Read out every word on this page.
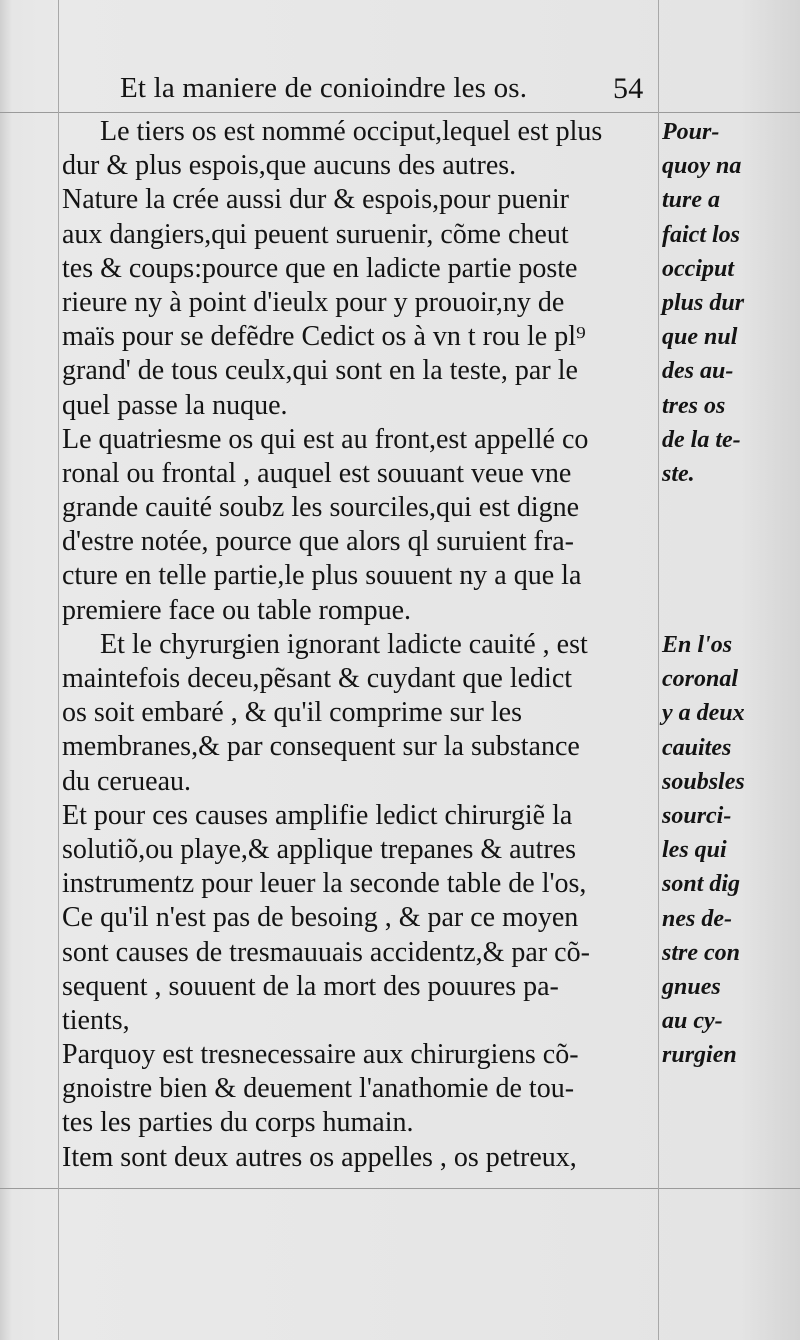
Et la maniere de conioindre les os.	54
Le tiers os est nommé occiput,lequel est plus
dur & plus espois,que aucuns des autres.
Nature la crée aussi dur & espois,pour puenir
aux dangiers,qui peuent suruenir, cõme cheut
tes & coups:pource que en ladicte partie poste
rieure ny à point d'ieulx pour y prouoir,ny de
maïs pour se defẽdre Cedict os à vn t rou le pl⁹
grand' de tous ceulx,qui sont en la teste, par le
quel passe la nuque.
Le quatriesme os qui est au front,est appellé co
ronal ou frontal , auquel est souuant veue vne
grande cauité soubz les sourciles,qui est digne
d'estre notée, pource que alors ql suruient fra-
cture en telle partie,le plus souuent ny a que la
premiere face ou table rompue.
Et le chyrurgien ignorant ladicte cauité , est
maintefois deceu,pẽsant & cuydant que ledict
os soit embaré , & qu'il comprime sur les
membranes,& par consequent sur la substance
du cerueau.
Et pour ces causes amplifie ledict chirurgiẽ la
solutiõ,ou playe,& applique trepanes & autres
instrumentz pour leuer la seconde table de l'os,
Ce qu'il n'est pas de besoing , & par ce moyen
sont causes de tresmauuais accidentz,& par cõ-
sequent , souuent de la mort des pouures pa-
tients,
Parquoy est tresnecessaire aux chirurgiens cõ-
gnoistre bien & deuement l'anathomie de tou-
tes les parties du corps humain.
Item sont deux autres os appelles , os petreux,
Pour-
quoy na
ture a
faict los
occiput
plus dur
que nul
des au-
tres os
de la te-
ste.
En l'os
coronal
y a deux
cauites
soubsles
sourci-
les qui
sont dig
nes de-
stre con
gnues
au cy-
rurgien
